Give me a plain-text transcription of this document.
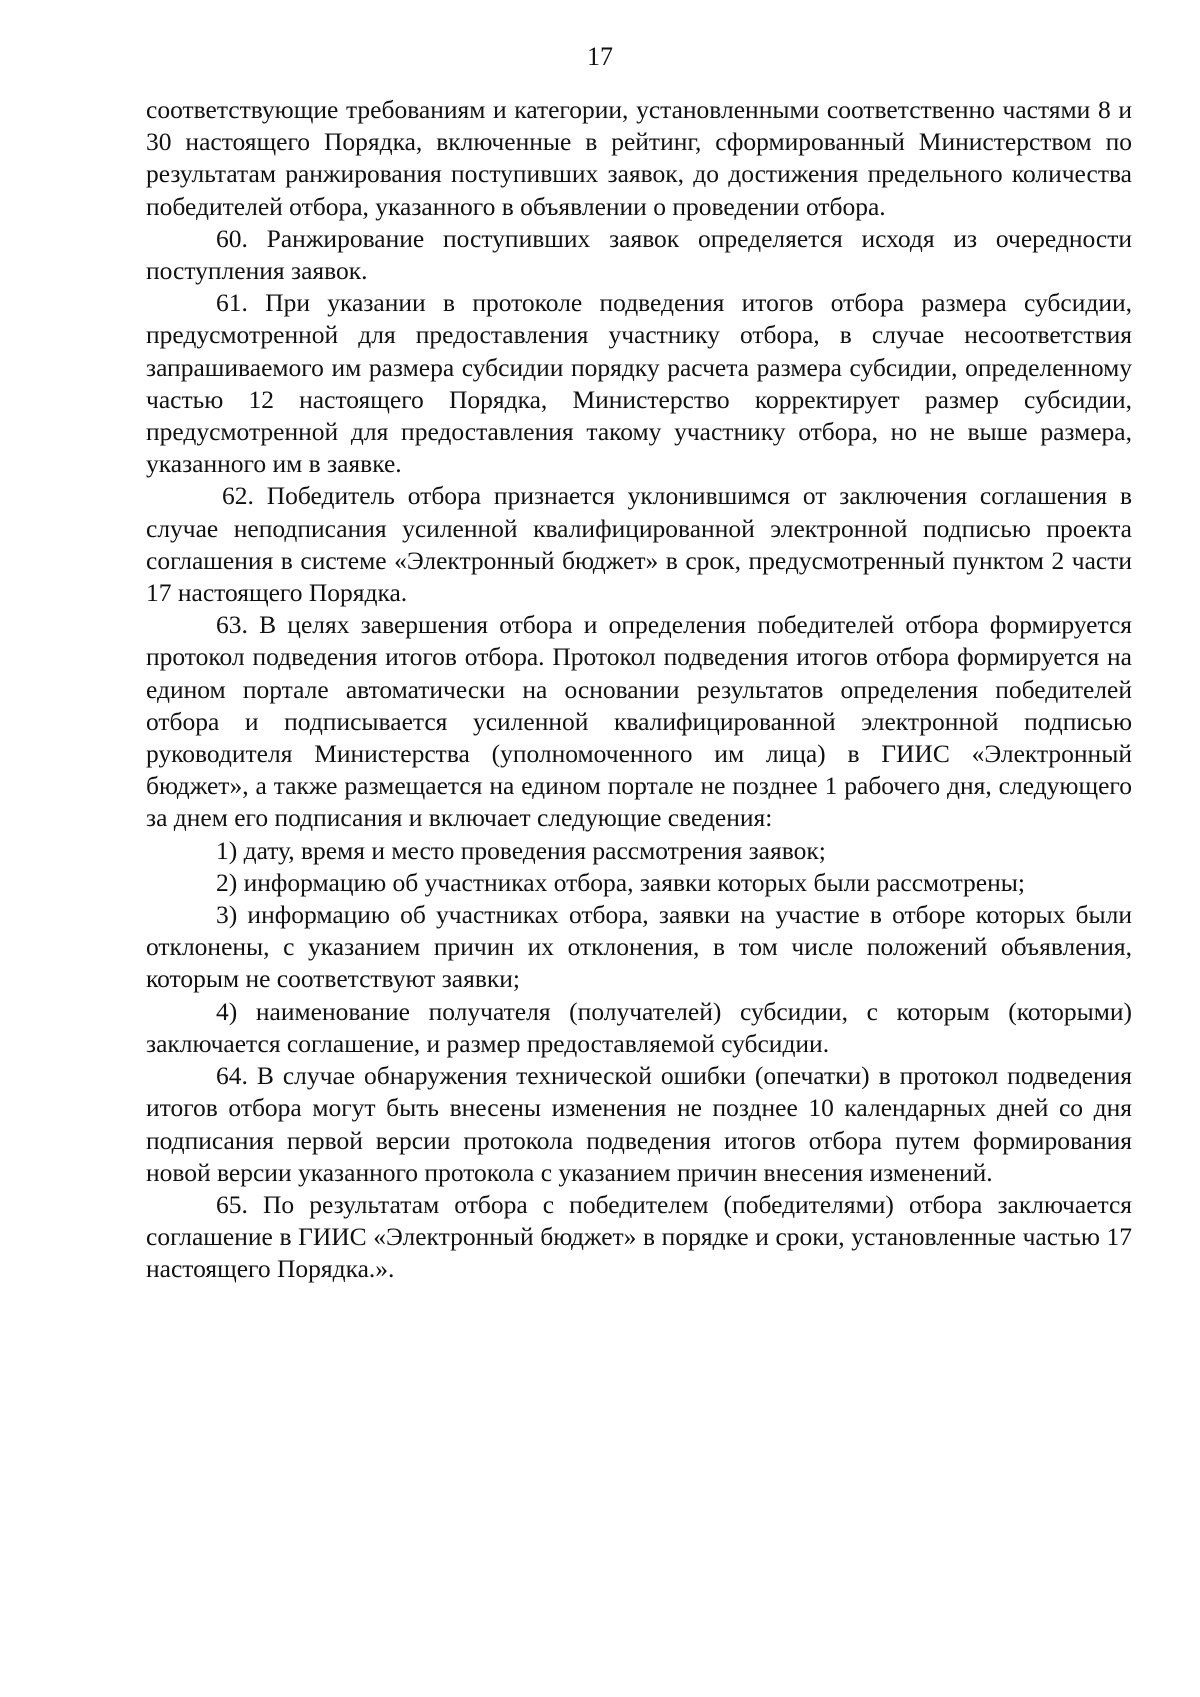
17

соответствующие требованиям и категории, установленными соответственно частями 8 и 30 настоящего Порядка, включенные в рейтинг, сформированный Министерством по результатам ранжирования поступивших заявок, до достижения предельного количества победителей отбора, указанного в объявлении о проведении отбора.

60. Ранжирование поступивших заявок определяется исходя из очередности поступления заявок.

61. При указании в протоколе подведения итогов отбора размера субсидии, предусмотренной для предоставления участнику отбора, в случае несоответствия запрашиваемого им размера субсидии порядку расчета размера субсидии, определенному частью 12 настоящего Порядка, Министерство корректирует размер субсидии, предусмотренной для предоставления такому участнику отбора, но не выше размера, указанного им в заявке.

62. Победитель отбора признается уклонившимся от заключения соглашения в случае неподписания усиленной квалифицированной электронной подписью проекта соглашения в системе «Электронный бюджет» в срок, предусмотренный пунктом 2 части 17 настоящего Порядка.

63. В целях завершения отбора и определения победителей отбора формируется протокол подведения итогов отбора. Протокол подведения итогов отбора формируется на едином портале автоматически на основании результатов определения победителей отбора и подписывается усиленной квалифицированной электронной подписью руководителя Министерства (уполномоченного им лица) в ГИИС «Электронный бюджет», а также размещается на едином портале не позднее 1 рабочего дня, следующего за днем его подписания и включает следующие сведения:

1) дату, время и место проведения рассмотрения заявок;

2) информацию об участниках отбора, заявки которых были рассмотрены;

3) информацию об участниках отбора, заявки на участие в отборе которых были отклонены, с указанием причин их отклонения, в том числе положений объявления, которым не соответствуют заявки;

4) наименование получателя (получателей) субсидии, с которым (которыми) заключается соглашение, и размер предоставляемой субсидии.

64. В случае обнаружения технической ошибки (опечатки) в протокол подведения итогов отбора могут быть внесены изменения не позднее 10 календарных дней со дня подписания первой версии протокола подведения итогов отбора путем формирования новой версии указанного протокола с указанием причин внесения изменений.

65. По результатам отбора с победителем (победителями) отбора заключается соглашение в ГИИС «Электронный бюджет» в порядке и сроки, установленные частью 17 настоящего Порядка.».
